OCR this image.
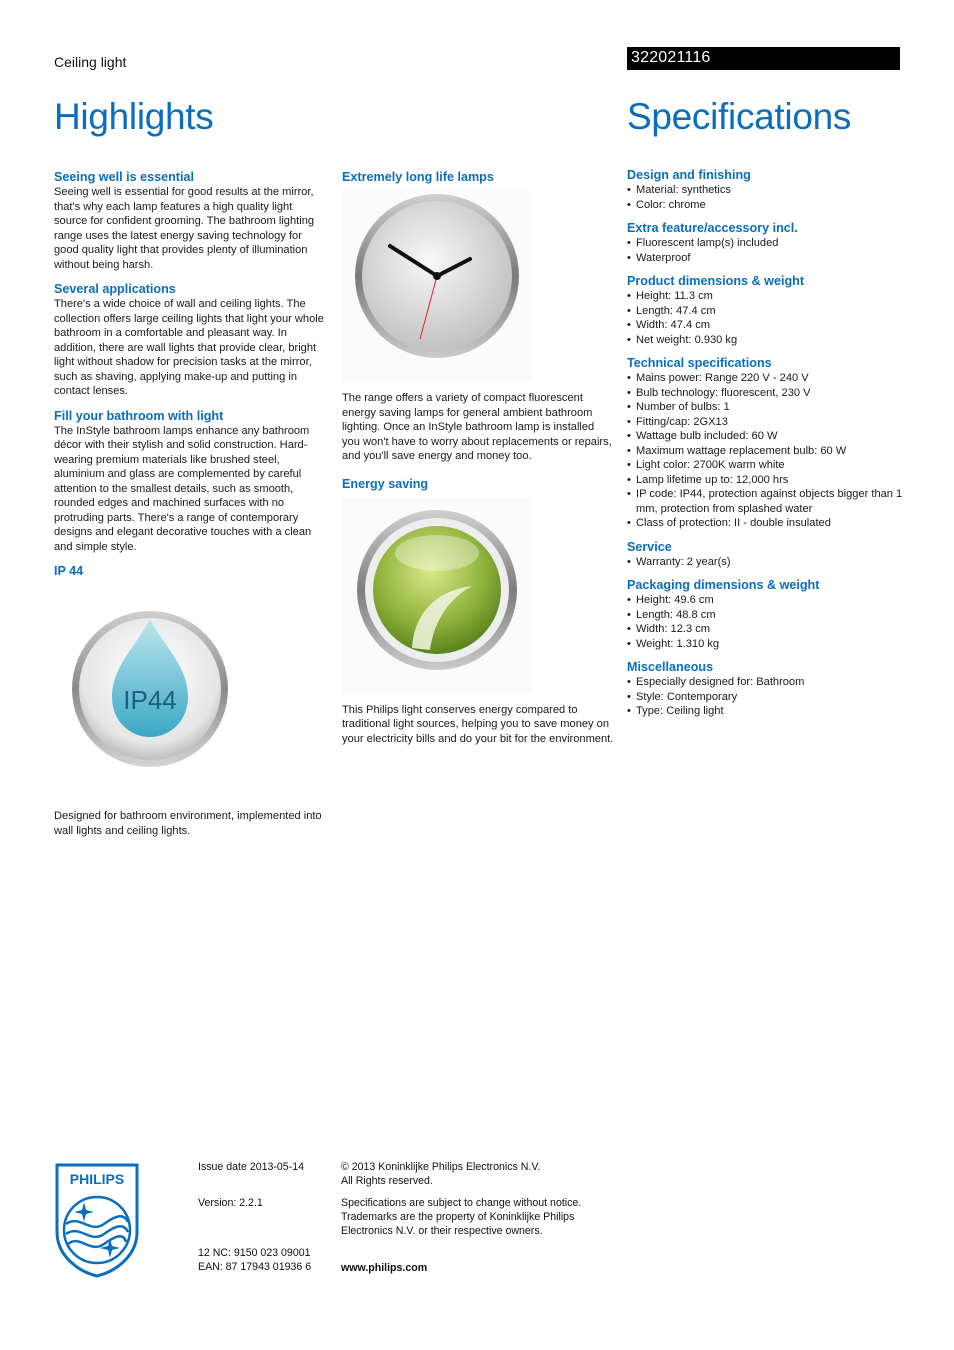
Ceiling light	322021116
Highlights	Specifications

Seeing well is essential

Seeing well is essential for good results at the mirror, that's why each lamp features a high quality light source for confident grooming. The bathroom lighting range uses the latest energy saving technology for good quality light that provides plenty of illumination without being harsh.

Several applications

There's a wide choice of wall and ceiling lights. The collection offers large ceiling lights that light your whole bathroom in a comfortable and pleasant way. In addition, there are wall lights that provide clear, bright light without shadow for precision tasks at the mirror, such as shaving, applying make-up and putting in contact lenses.

Fill your bathroom with light

The InStyle bathroom lamps enhance any bathroom décor with their stylish and solid construction. Hard-wearing premium materials like brushed steel, aluminium and glass are complemented by careful attention to the smallest details, such as smooth, rounded edges and machined surfaces with no protruding parts. There's a range of contemporary designs and elegant decorative touches with a clean and simple style.

IP 44

IP44

Designed for bathroom environment, implemented into wall lights and ceiling lights.

Extremely long life lamps

The range offers a variety of compact fluorescent energy saving lamps for general ambient bathroom lighting. Once an InStyle bathroom lamp is installed you won't have to worry about replacements or repairs, and you'll save energy and money too.

Energy saving

This Philips light conserves energy compared to traditional light sources, helping you to save money on your electricity bills and do your bit for the environment.

Design and finishing

• Material: synthetics
• Color: chrome

Extra feature/accessory incl.

• Fluorescent lamp(s) included
• Waterproof

Product dimensions & weight

• Height: 11.3 cm
• Length: 47.4 cm
• Width: 47.4 cm
• Net weight: 0.930 kg

Technical specifications

• Mains power: Range 220 V - 240 V
• Bulb technology: fluorescent, 230 V
• Number of bulbs: 1
• Fitting/cap: 2GX13
• Wattage bulb included: 60 W
• Maximum wattage replacement bulb: 60 W
• Light color: 2700K warm white
• Lamp lifetime up to: 12,000 hrs
• IP code: IP44, protection against objects bigger than 1 mm, protection from splashed water
• Class of protection: II - double insulated

Service

• Warranty: 2 year(s)

Packaging dimensions & weight

• Height: 49.6 cm
• Length: 48.8 cm
• Width: 12.3 cm
• Weight: 1.310 kg

Miscellaneous

• Especially designed for: Bathroom
• Style: Contemporary
• Type: Ceiling light
PHILIPS
Issue date 2013-05-14
Version: 2.2.1
12 NC: 9150 023 09001
EAN: 87 17943 01936 6
© 2013 Koninklijke Philips Electronics N.V.
All Rights reserved.
Specifications are subject to change without notice.
Trademarks are the property of Koninklijke Philips
Electronics N.V. or their respective owners.
www.philips.com
